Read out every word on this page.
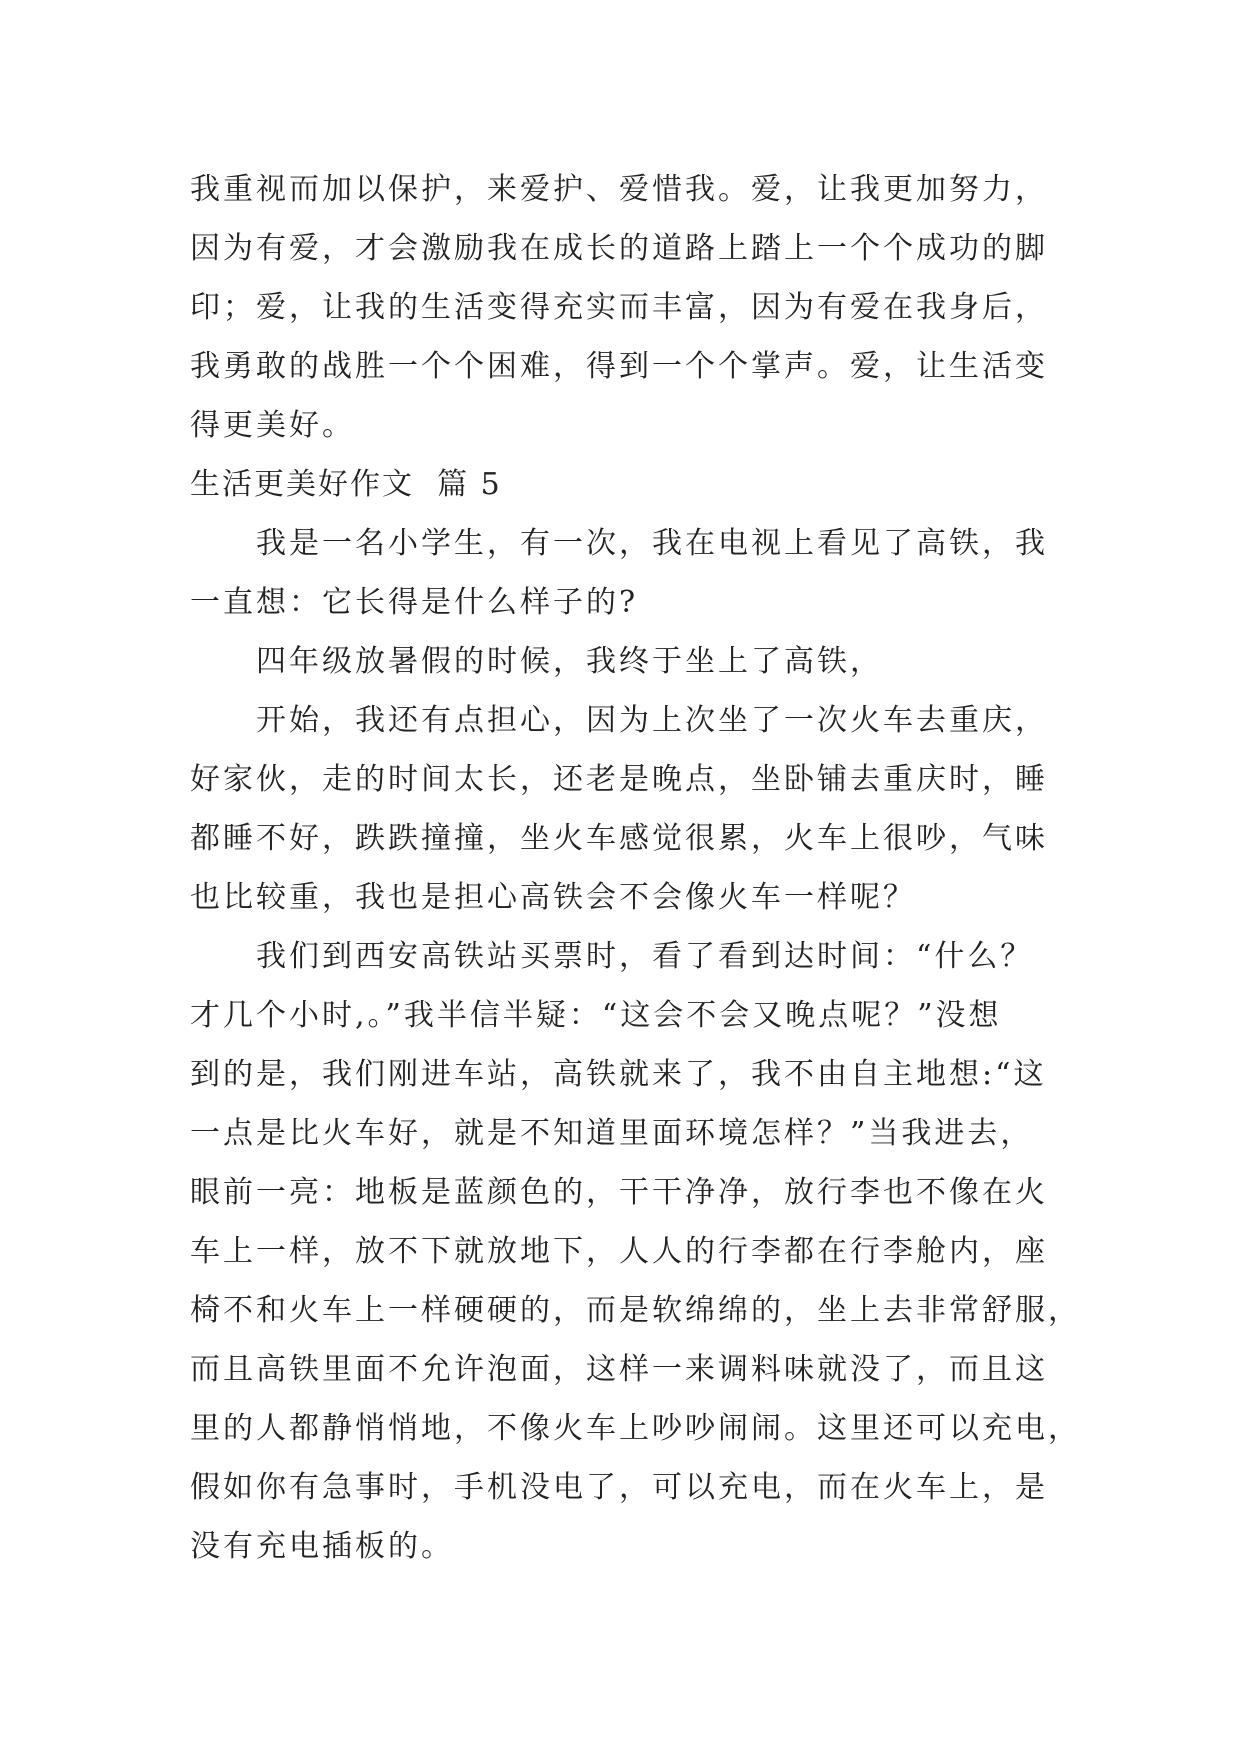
我重视而加以保护，来爱护、爱惜我。爱，让我更加努力，
因为有爱，才会激励我在成长的道路上踏上一个个成功的脚
印；爱，让我的生活变得充实而丰富，因为有爱在我身后，
我勇敢的战胜一个个困难，得到一个个掌声。爱，让生活变
得更美好。
生活更美好作文  篇 5
我是一名小学生，有一次，我在电视上看见了高铁，我
一直想：它长得是什么样子的?
四年级放暑假的时候，我终于坐上了高铁，
开始，我还有点担心，因为上次坐了一次火车去重庆，
好家伙，走的时间太长，还老是晚点，坐卧铺去重庆时，睡
都睡不好，跌跌撞撞，坐火车感觉很累，火车上很吵，气味
也比较重，我也是担心高铁会不会像火车一样呢？
我们到西安高铁站买票时，看了看到达时间：“什么？
才几个小时,。”我半信半疑：“这会不会又晚点呢？”没想
到的是，我们刚进车站，高铁就来了，我不由自主地想:“这
一点是比火车好，就是不知道里面环境怎样？”当我进去，
眼前一亮：地板是蓝颜色的，干干净净，放行李也不像在火
车上一样，放不下就放地下，人人的行李都在行李舱内，座
椅不和火车上一样硬硬的，而是软绵绵的，坐上去非常舒服，
而且高铁里面不允许泡面，这样一来调料味就没了，而且这
里的人都静悄悄地，不像火车上吵吵闹闹。这里还可以充电，
假如你有急事时，手机没电了，可以充电，而在火车上，是
没有充电插板的。
